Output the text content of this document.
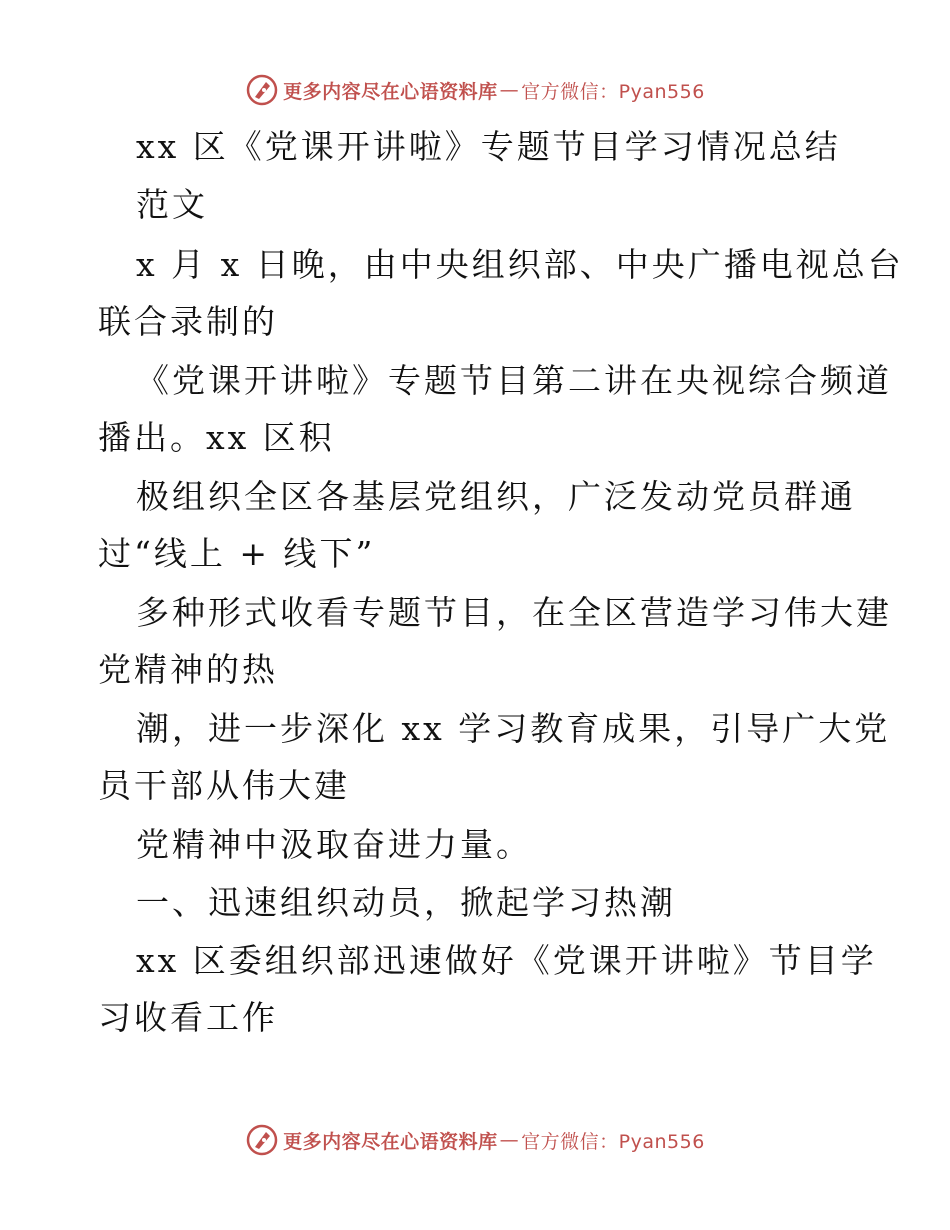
更多内容尽在心语资料库 — 官方微信：Pyan556
xx 区《党课开讲啦》专题节目学习情况总结
范文
x 月 x 日晚，由中央组织部、中央广播电视总台
联合录制的
《党课开讲啦》专题节目第二讲在央视综合频道
播出。xx 区积
极组织全区各基层党组织，广泛发动党员群通
过“线上 + 线下”
多种形式收看专题节目，在全区营造学习伟大建
党精神的热
潮，进一步深化 xx 学习教育成果，引导广大党
员干部从伟大建
党精神中汲取奋进力量。
一、迅速组织动员，掀起学习热潮
xx 区委组织部迅速做好《党课开讲啦》节目学
习收看工作
更多内容尽在心语资料库 — 官方微信：Pyan556
